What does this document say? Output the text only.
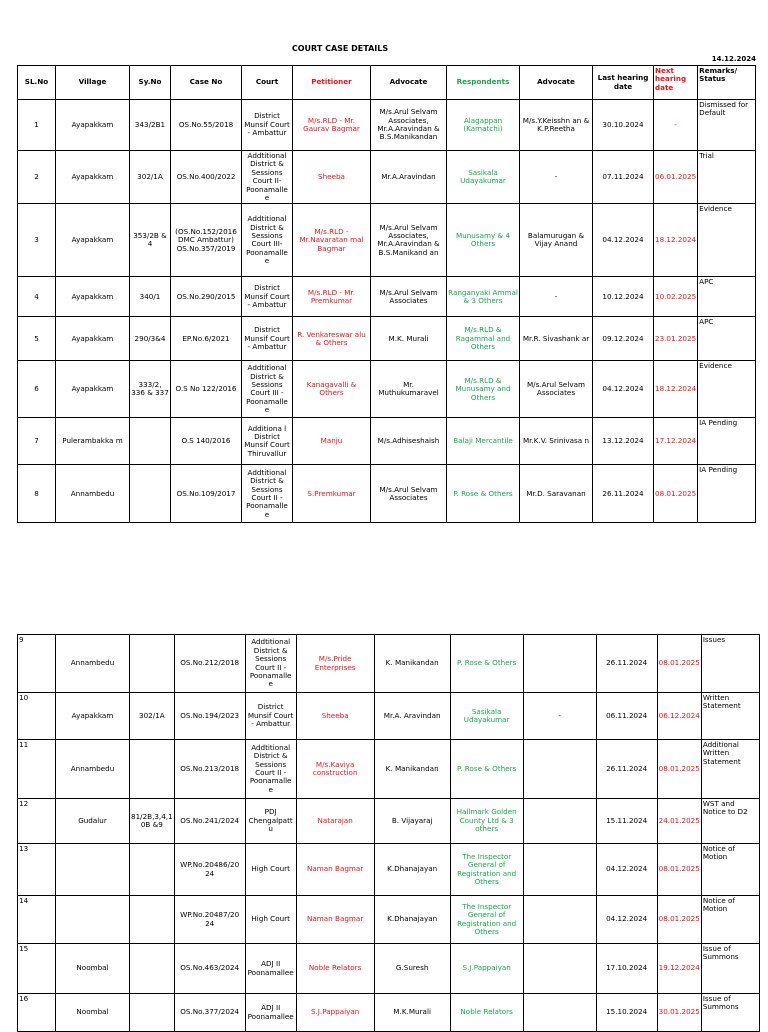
COURT CASE DETAILS
14.12.2024
SL.No	Village	Sy.No	Case No	Court	Petitioner	Advocate	Respondents	Advocate	Last hearing date	Next hearing date	Remarks/ Status
1	Ayapakkam	343/2B1	OS.No.55/2018	District Munsif Court - Ambattur	M/s.RLD - Mr. Gaurav Bagmar	M/s.Arul Selvam Associates, Mr.A.Aravindan & B.S.Manikandan	Alagappan (Kamatchi)	M/s.Y.Keisshn an & K.P.Reetha	30.10.2024	-	Dismissed for Default
2	Ayapakkam	302/1A	OS.No.400/2022	Addtitional District & Sessions Court II-Poonamalle e	Sheeba	Mr.A.Aravindan	Sasikala Udayakumar	-	07.11.2024	06.01.2025	Trial
3	Ayapakkam	353/2B & 4	(OS.No.152/2016 DMC Ambattur) OS.No.357/2019	Addtitional District & Sessions Court III- Poonamalle e	M/s.RLD - Mr.Navaratan mal Bagmar	M/s.Arul Selvam Associates, Mr.A.Aravindan & B.S.Manikand an	Munusamy & 4 Others	Balamurugan & Vijay Anand	04.12.2024	18.12.2024	Evidence
4	Ayapakkam	340/1	OS.No.290/2015	District Munsif Court - Ambattur	M/s.RLD - Mr. Premkumar	M/s.Arul Selvam Associates	Ranganyaki Ammal & 3 Others	-	10.12.2024	10.02.2025	APC
5	Ayapakkam	290/3&4	EP.No.6/2021	District Munsif Court - Ambattur	R. Venkareswar alu & Others	M.K. Murali	M/s.RLD & Ragammal and Others	Mr.R. Sivashank ar	09.12.2024	23.01.2025	APC
6	Ayapakkam	333/2, 336 & 337	O.S No 122/2016	Addtitional District & Sessions Court III - Poonamalle e	Kanagavalli & Others	Mr. Muthukumaravel	M/s.RLD & Munusamy and Others	M/s.Arul Selvam Associates	04.12.2024	18.12.2024	Evidence
7	Pulerambakka m		O.S 140/2016	Additiona l District Munsif Court Thiruvallur	Manju	M/s.Adhiseshaish	Balaji Mercantile	Mr.K.V. Srinivasa n	13.12.2024	17.12.2024	IA Pending
8	Annambedu		OS.No.109/2017	Addtitional District & Sessions Court II - Poonamalle e	S.Premkumar	M/s.Arul Selvam Associates	P. Rose & Others	Mr.D. Saravanan	26.11.2024	08.01.2025	IA Pending
9	Annambedu		OS.No.212/2018	Addtitional District & Sessions Court II - Poonamalle e	M/s.Pride Enterprises	K. Manikandan	P. Rose & Others		26.11.2024	08.01.2025	Issues
10	Ayapakkam	302/1A	OS.No.194/2023	District Munsif Court - Ambattur	Sheeba	Mr.A. Aravindan	Sasikala Udayakumar	-	06.11.2024	06.12.2024	Written Statement
11	Annambedu		OS.No.213/2018	Addtitional District & Sessions Court II - Poonamalle e	M/s.Kaviya construction	K. Manikandan	P. Rose & Others		26.11.2024	08.01.2025	Additional Written Statement
12	Gudalur	81/2B,3,4,1 0B &9	OS.No.241/2024	PDJ Chengalpatt u	Natarajan	B. Vijayaraj	Hallmark Golden County Ltd & 3 others		15.11.2024	24.01.2025	WST and Notice to D2
13			WP.No.20486/20 24	High Court	Naman Bagmar	K.Dhanajayan	The Inspector General of Registration and Others		04.12.2024	08.01.2025	Notice of Motion
14			WP.No.20487/20 24	High Court	Naman Bagmar	K.Dhanajayan	The Inspector General of Registration and Others		04.12.2024	08.01.2025	Notice of Motion
15	Noombal		OS.No.463/2024	ADJ II Poonamallee	Noble Relators	G.Suresh	S.J.Pappaiyan		17.10.2024	19.12.2024	Issue of Summons
16	Noombal		OS.No.377/2024	ADJ II Poonamallee	S.J.Pappaiyan	M.K.Murali	Noble Relators		15.10.2024	30.01.2025	Issue of Summons
